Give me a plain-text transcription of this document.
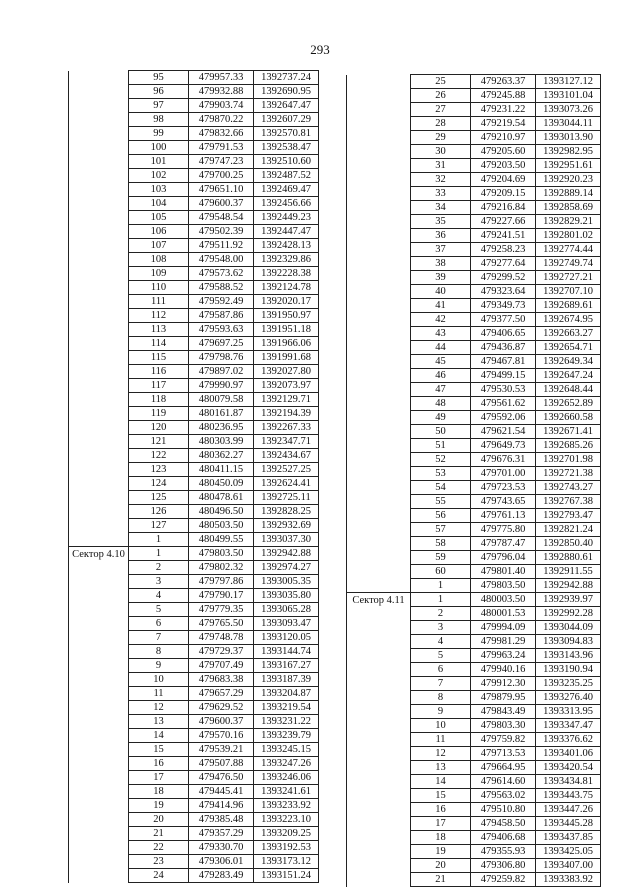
293
	95	479957.33	1392737.24
	96	479932.88	1392690.95
	97	479903.74	1392647.47
	98	479870.22	1392607.29
	99	479832.66	1392570.81
	100	479791.53	1392538.47
	101	479747.23	1392510.60
	102	479700.25	1392487.52
	103	479651.10	1392469.47
	104	479600.37	1392456.66
	105	479548.54	1392449.23
	106	479502.39	1392447.47
	107	479511.92	1392428.13
	108	479548.00	1392329.86
	109	479573.62	1392228.38
	110	479588.52	1392124.78
	111	479592.49	1392020.17
	112	479587.86	1391950.97
	113	479593.63	1391951.18
	114	479697.25	1391966.06
	115	479798.76	1391991.68
	116	479897.02	1392027.80
	117	479990.97	1392073.97
	118	480079.58	1392129.71
	119	480161.87	1392194.39
	120	480236.95	1392267.33
	121	480303.99	1392347.71
	122	480362.27	1392434.67
	123	480411.15	1392527.25
	124	480450.09	1392624.41
	125	480478.61	1392725.11
	126	480496.50	1392828.25
	127	480503.50	1392932.69
	1	480499.55	1393037.30

Сектор 4.10	1	479803.50	1392942.88
	2	479802.32	1392974.27
	3	479797.86	1393005.35
	4	479790.17	1393035.80
	5	479779.35	1393065.28
	6	479765.50	1393093.47
	7	479748.78	1393120.05
	8	479729.37	1393144.74
	9	479707.49	1393167.27
	10	479683.38	1393187.39
	11	479657.29	1393204.87
	12	479629.52	1393219.54
	13	479600.37	1393231.22
	14	479570.16	1393239.79
	15	479539.21	1393245.15
	16	479507.88	1393247.26
	17	479476.50	1393246.06
	18	479445.41	1393241.61
	19	479414.96	1393233.92
	20	479385.48	1393223.10
	21	479357.29	1393209.25
	22	479330.70	1393192.53
	23	479306.01	1393173.12
	24	479283.49	1393151.24
	25	479263.37	1393127.12
	26	479245.88	1393101.04
	27	479231.22	1393073.26
	28	479219.54	1393044.11
	29	479210.97	1393013.90
	30	479205.60	1392982.95
	31	479203.50	1392951.61
	32	479204.69	1392920.23
	33	479209.15	1392889.14
	34	479216.84	1392858.69
	35	479227.66	1392829.21
	36	479241.51	1392801.02
	37	479258.23	1392774.44
	38	479277.64	1392749.74
	39	479299.52	1392727.21
	40	479323.64	1392707.10
	41	479349.73	1392689.61
	42	479377.50	1392674.95
	43	479406.65	1392663.27
	44	479436.87	1392654.71
	45	479467.81	1392649.34
	46	479499.15	1392647.24
	47	479530.53	1392648.44
	48	479561.62	1392652.89
	49	479592.06	1392660.58
	50	479621.54	1392671.41
	51	479649.73	1392685.26
	52	479676.31	1392701.98
	53	479701.00	1392721.38
	54	479723.53	1392743.27
	55	479743.65	1392767.38
	56	479761.13	1392793.47
	57	479775.80	1392821.24
	58	479787.47	1392850.40
	59	479796.04	1392880.61
	60	479801.40	1392911.55
	1	479803.50	1392942.88

Сектор 4.11	1	480003.50	1392939.97
	2	480001.53	1392992.28
	3	479994.09	1393044.09
	4	479981.29	1393094.83
	5	479963.24	1393143.96
	6	479940.16	1393190.94
	7	479912.30	1393235.25
	8	479879.95	1393276.40
	9	479843.49	1393313.95
	10	479803.30	1393347.47
	11	479759.82	1393376.62
	12	479713.53	1393401.06
	13	479664.95	1393420.54
	14	479614.60	1393434.81
	15	479563.02	1393443.75
	16	479510.80	1393447.26
	17	479458.50	1393445.28
	18	479406.68	1393437.85
	19	479355.93	1393425.05
	20	479306.80	1393407.00
	21	479259.82	1393383.92
